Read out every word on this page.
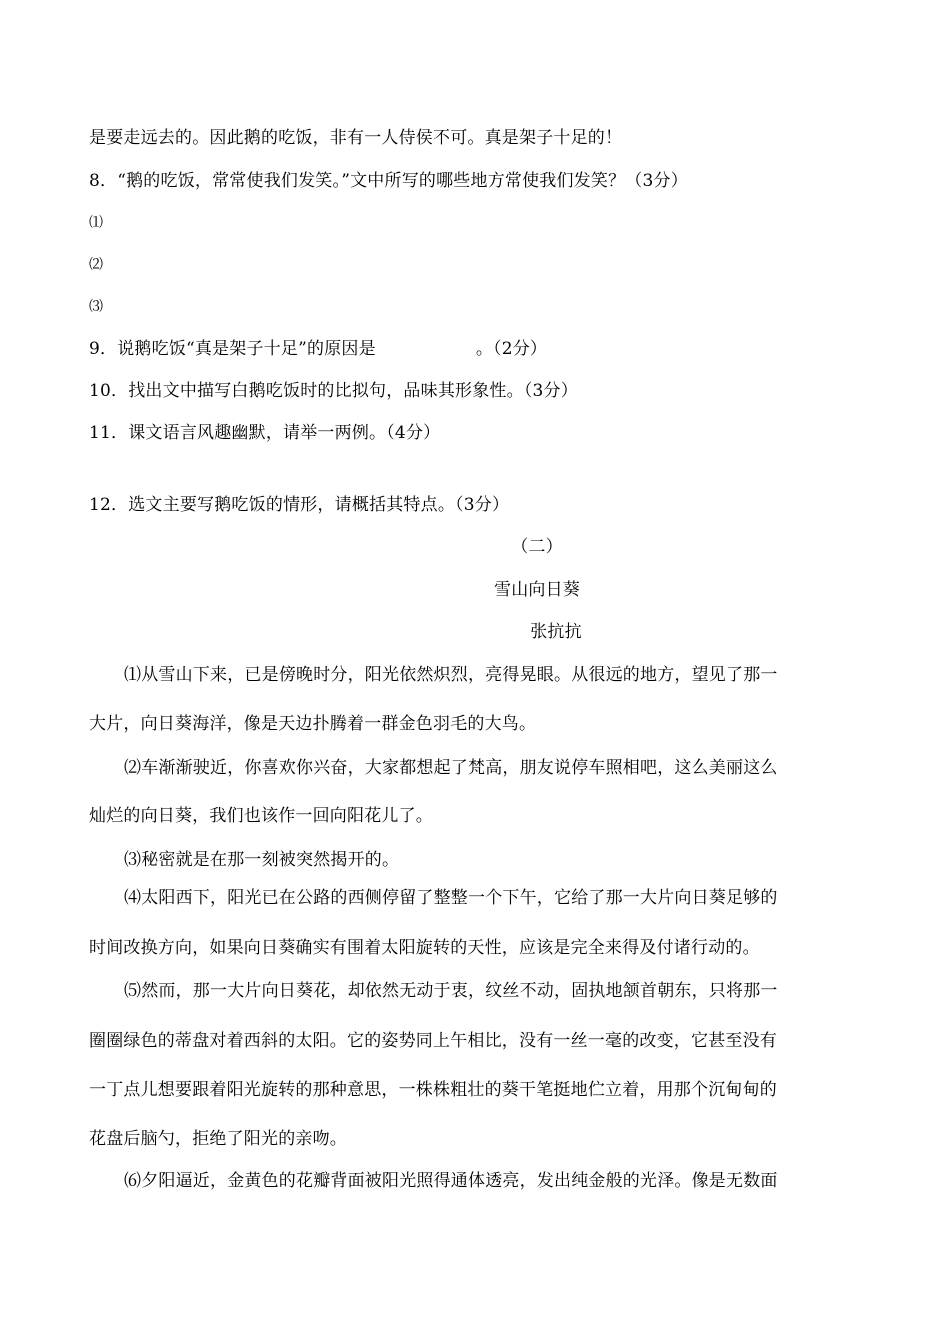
是要走远去的。因此鹅的吃饭，非有一人侍侯不可。真是架子十足的！
8．“鹅的吃饭，常常使我们发笑。”文中所写的哪些地方常使我们发笑？（3分）
⑴
⑵
⑶
9．说鹅吃饭“真是架子十足”的原因是	。（2分）
10．找出文中描写白鹅吃饭时的比拟句，品味其形象性。（3分）
11．课文语言风趣幽默，请举一两例。（4分）
12．选文主要写鹅吃饭的情形，请概括其特点。（3分）
（二）
雪山向日葵
张抗抗
⑴从雪山下来，已是傍晚时分，阳光依然炽烈，亮得晃眼。从很远的地方，望见了那一
大片，向日葵海洋，像是天边扑腾着一群金色羽毛的大鸟。
⑵车渐渐驶近，你喜欢你兴奋，大家都想起了梵高，朋友说停车照相吧，这么美丽这么
灿烂的向日葵，我们也该作一回向阳花儿了。
⑶秘密就是在那一刻被突然揭开的。
⑷太阳西下，阳光已在公路的西侧停留了整整一个下午，它给了那一大片向日葵足够的
时间改换方向，如果向日葵确实有围着太阳旋转的天性，应该是完全来得及付诸行动的。
⑸然而，那一大片向日葵花，却依然无动于衷，纹丝不动，固执地颔首朝东，只将那一
圈圈绿色的蒂盘对着西斜的太阳。它的姿势同上午相比，没有一丝一毫的改变，它甚至没有
一丁点儿想要跟着阳光旋转的那种意思，一株株粗壮的葵干笔挺地伫立着，用那个沉甸甸的
花盘后脑勺，拒绝了阳光的亲吻。
⑹夕阳逼近，金黄色的花瓣背面被阳光照得通体透亮，发出纯金般的光泽。像是无数面
